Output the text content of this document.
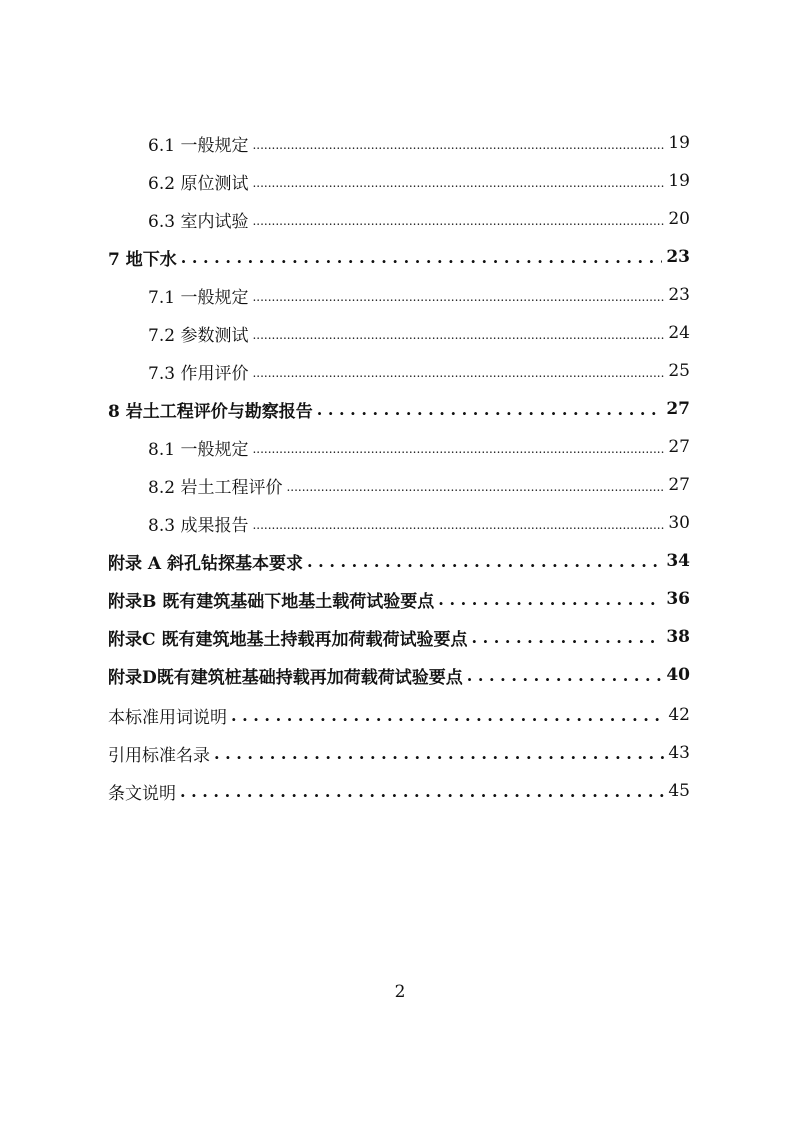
6.1 一般规定 .....	19
6.2 原位测试 .....	19
6.3 室内试验 .....	20
7 地下水 . . .	23
7.1 一般规定 .....	23
7.2 参数测试 .....	24
7.3 作用评价 .....	25
8 岩土工程评价与勘察报告 . . .	27
8.1 一般规定 .....	27
8.2 岩土工程评价 .....	27
8.3 成果报告 .....	30
附录 A 斜孔钻探基本要求 . . .	34
附录B 既有建筑基础下地基土载荷试验要点 . . .	36
附录C 既有建筑地基土持载再加荷载荷试验要点 . . .	38
附录D既有建筑桩基础持载再加荷载荷试验要点 . . .	40
本标准用词说明 . . .	42
引用标准名录 . . .	43
条文说明 . . .	45
2
